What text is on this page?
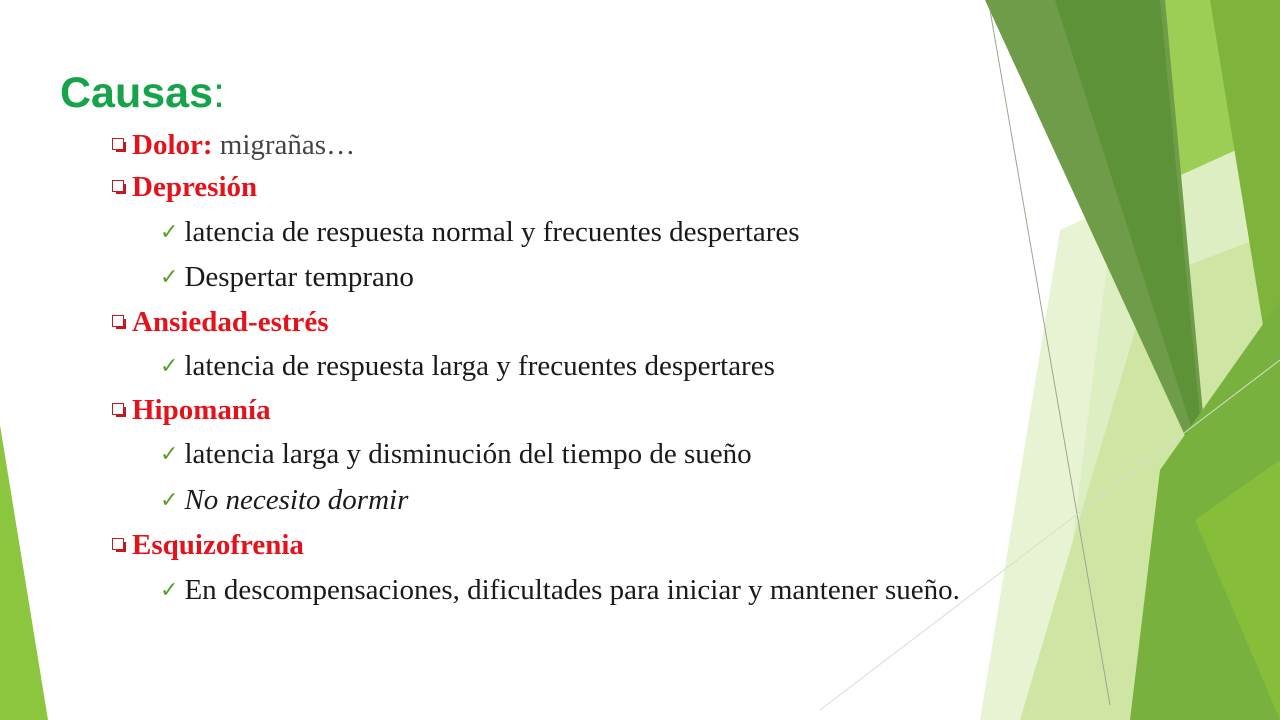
Causas:
Dolor: migrañas…
Depresión
✓ latencia de respuesta normal y frecuentes despertares
✓ Despertar temprano
Ansiedad-estrés
✓ latencia de respuesta larga y frecuentes despertares
Hipomanía
✓ latencia larga y disminución del tiempo de sueño
✓ No necesito dormir
Esquizofrenia
✓ En descompensaciones, dificultades para iniciar y mantener sueño.
